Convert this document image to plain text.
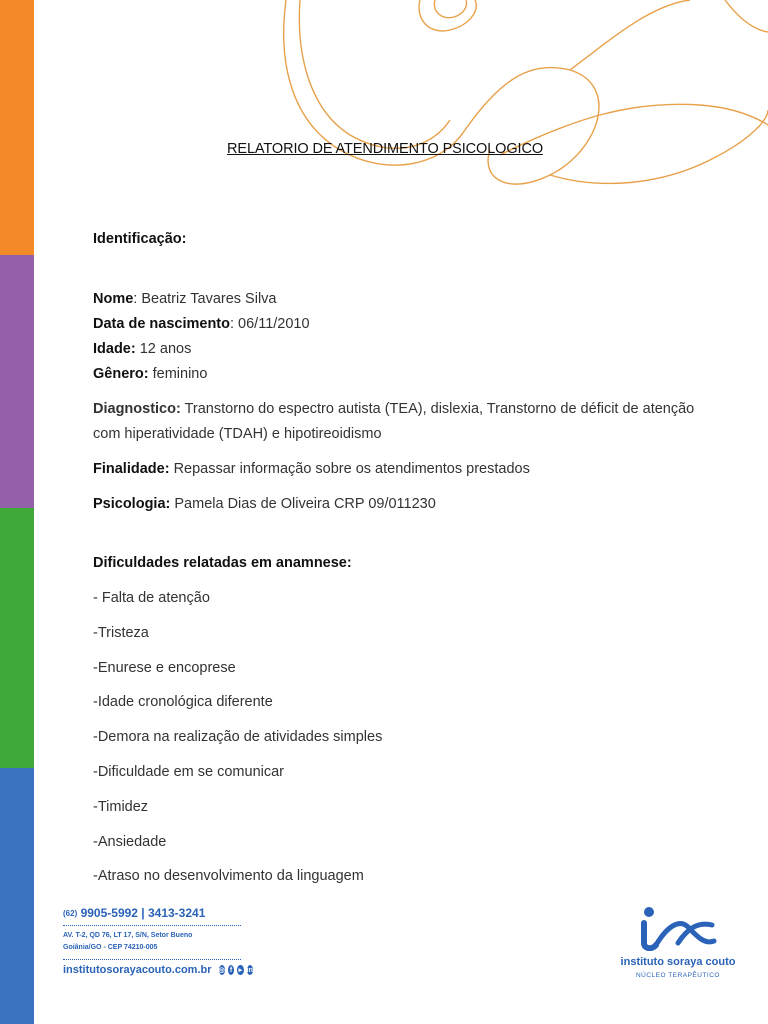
RELATORIO DE ATENDIMENTO PSICOLOGICO
Identificação:
Nome: Beatriz Tavares Silva
Data de nascimento: 06/11/2010
Idade: 12 anos
Gênero: feminino
Diagnostico: Transtorno do espectro autista (TEA), dislexia, Transtorno de déficit de atenção com hiperatividade (TDAH) e hipotireoidismo
Finalidade: Repassar informação sobre os atendimentos prestados
Psicologia: Pamela Dias de Oliveira CRP 09/011230
Dificuldades relatadas em anamnese:
- Falta de atenção
-Tristeza
-Enurese e encoprese
-Idade cronológica diferente
-Demora na realização de atividades simples
-Dificuldade em se comunicar
-Timidez
-Ansiedade
-Atraso no desenvolvimento da linguagem
(62) 9905-5992 | 3413-3241
AV. T-2, QD 76, LT 17, S/N, Setor Bueno
Goiânia/GO - CEP 74210-005
institutosorayacouto.com.br ◎ f ▸ in
instituto soraya couto
NÚCLEO TERAPÊUTICO
